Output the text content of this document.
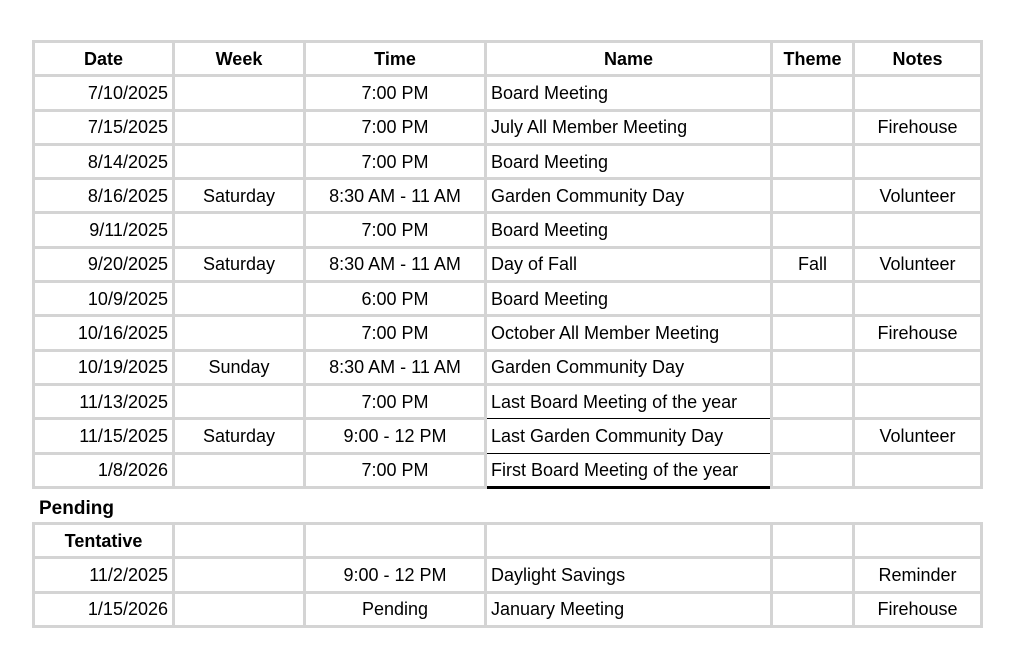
Date	Week	Time	Name	Theme	Notes
7/10/2025		7:00 PM	Board Meeting		
7/15/2025		7:00 PM	July All Member Meeting		Firehouse
8/14/2025		7:00 PM	Board Meeting		
8/16/2025	Saturday	8:30 AM - 11 AM	Garden Community Day		Volunteer
9/11/2025		7:00 PM	Board Meeting		
9/20/2025	Saturday	8:30 AM - 11 AM	Day of Fall	Fall	Volunteer
10/9/2025		6:00 PM	Board Meeting		
10/16/2025		7:00 PM	October All Member Meeting		Firehouse
10/19/2025	Sunday	8:30 AM - 11 AM	Garden Community Day		
11/13/2025		7:00 PM	Last Board Meeting of the year		
11/15/2025	Saturday	9:00 - 12 PM	Last Garden Community Day		Volunteer
1/8/2026		7:00 PM	First Board Meeting of the year		
Pending
Tentative					
11/2/2025		9:00 - 12 PM	Daylight Savings		Reminder
1/15/2026		Pending	January Meeting		Firehouse
